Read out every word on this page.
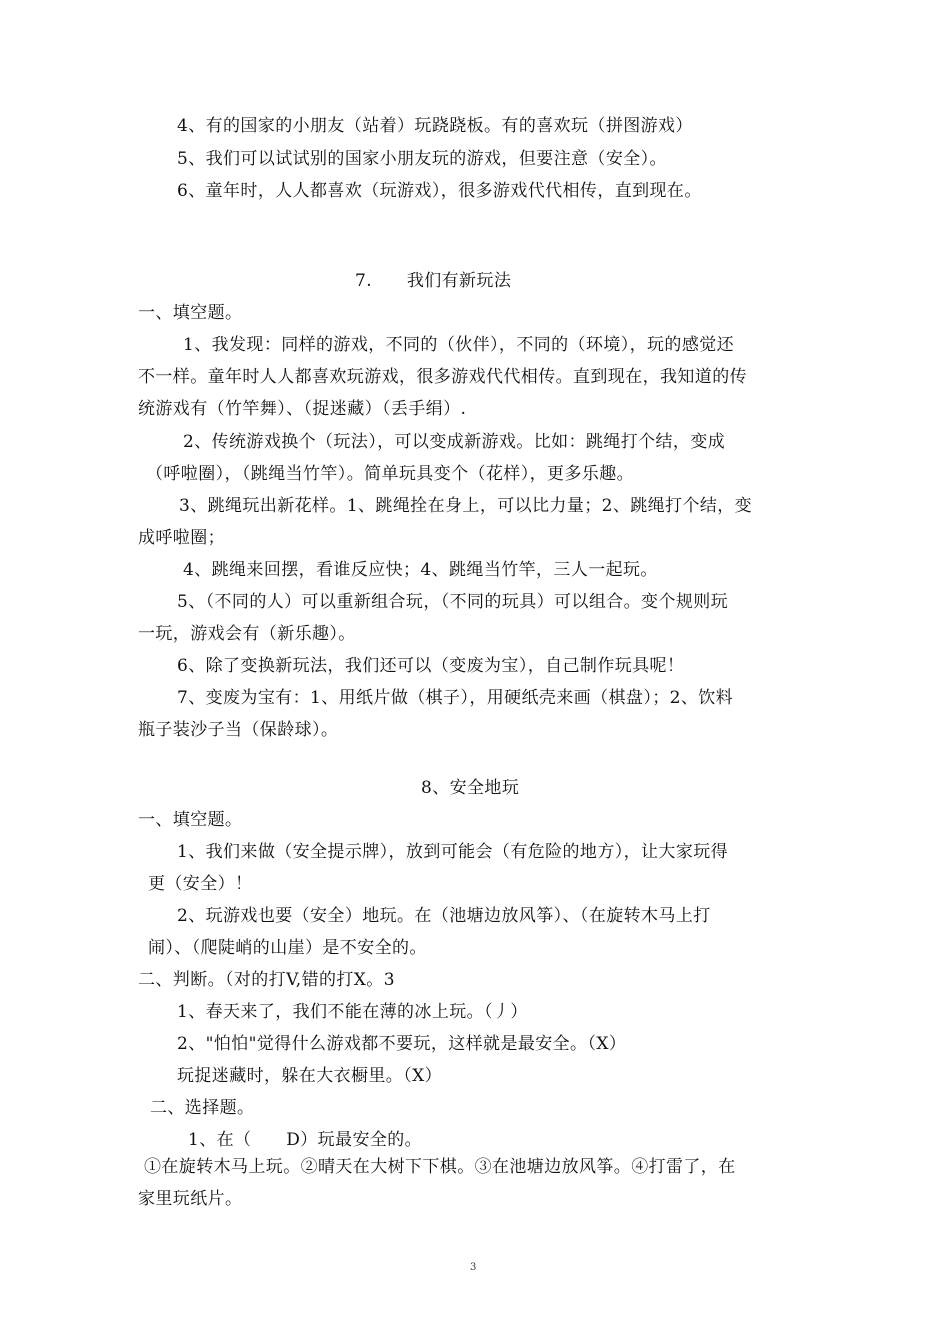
4、有的国家的小朋友（站着）玩跷跷板。有的喜欢玩（拼图游戏）
5、我们可以试试别的国家小朋友玩的游戏，但要注意（安全）。
6、童年时，人人都喜欢（玩游戏），很多游戏代代相传，直到现在。
7.　　我们有新玩法
一、填空题。
1、我发现：同样的游戏，不同的（伙伴），不同的（环境），玩的感觉还
不一样。童年时人人都喜欢玩游戏，很多游戏代代相传。直到现在，我知道的传
统游戏有（竹竿舞）、（捉迷藏）（丢手绢）.
2、传统游戏换个（玩法），可以变成新游戏。比如：跳绳打个结，变成
（呼啦圈），（跳绳当竹竿）。简单玩具变个（花样），更多乐趣。
3、跳绳玩出新花样。1、跳绳拴在身上，可以比力量；2、跳绳打个结，变
成呼啦圈；
4、跳绳来回摆，看谁反应快；4、跳绳当竹竿，三人一起玩。
5、（不同的人）可以重新组合玩，（不同的玩具）可以组合。变个规则玩
一玩，游戏会有（新乐趣）。
6、除了变换新玩法，我们还可以（变废为宝），自己制作玩具呢！
7、变废为宝有：1、用纸片做（棋子），用硬纸壳来画（棋盘）；2、饮料
瓶子装沙子当（保龄球）。
8、安全地玩
一、填空题。
1、我们来做（安全提示牌），放到可能会（有危险的地方），让大家玩得
更（安全）！
2、玩游戏也要（安全）地玩。在（池塘边放风筝）、（在旋转木马上打
闹）、（爬陡峭的山崖）是不安全的。
二、判断。（对的打V,错的打X。3
1、春天来了，我们不能在薄的冰上玩。（丿）
2、"怕怕"觉得什么游戏都不要玩，这样就是最安全。（X）
玩捉迷藏时，躲在大衣橱里。（X）
二、选择题。
1、在（　　D）玩最安全的。
①在旋转木马上玩。②晴天在大树下下棋。③在池塘边放风筝。④打雷了，在
家里玩纸片。
3
